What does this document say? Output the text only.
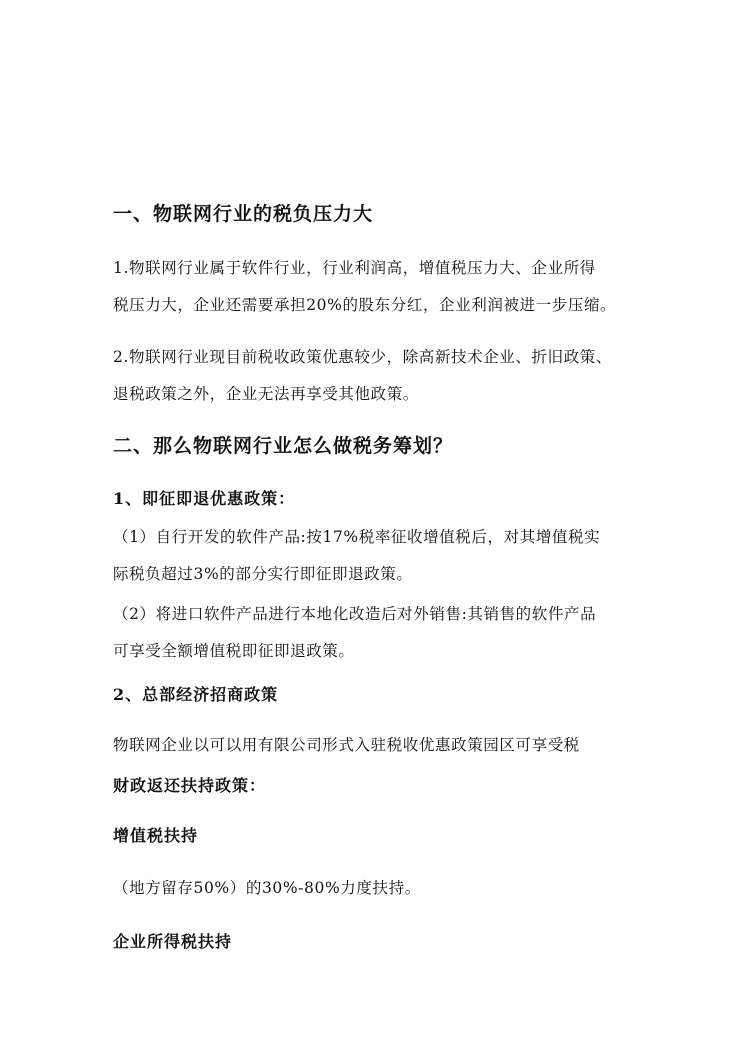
一、物联网行业的税负压力大

1.物联网行业属于软件行业，行业利润高，增值税压力大、企业所得

税压力大，企业还需要承担20%的股东分红，企业利润被进一步压缩。

2.物联网行业现目前税收政策优惠较少，除高新技术企业、折旧政策、

退税政策之外，企业无法再享受其他政策。

二、那么物联网行业怎么做税务筹划？
1、即征即退优惠政策：

（1）自行开发的软件产品:按17%税率征收增值税后，对其增值税实

际税负超过3%的部分实行即征即退政策。

（2）将进口软件产品进行本地化改造后对外销售:其销售的软件产品

可享受全额增值税即征即退政策。

2、总部经济招商政策

物联网企业以可以用有限公司形式入驻税收优惠政策园区可享受税

财政返还扶持政策：
增值税扶持

（地方留存50%）的30%-80%力度扶持。

企业所得税扶持
